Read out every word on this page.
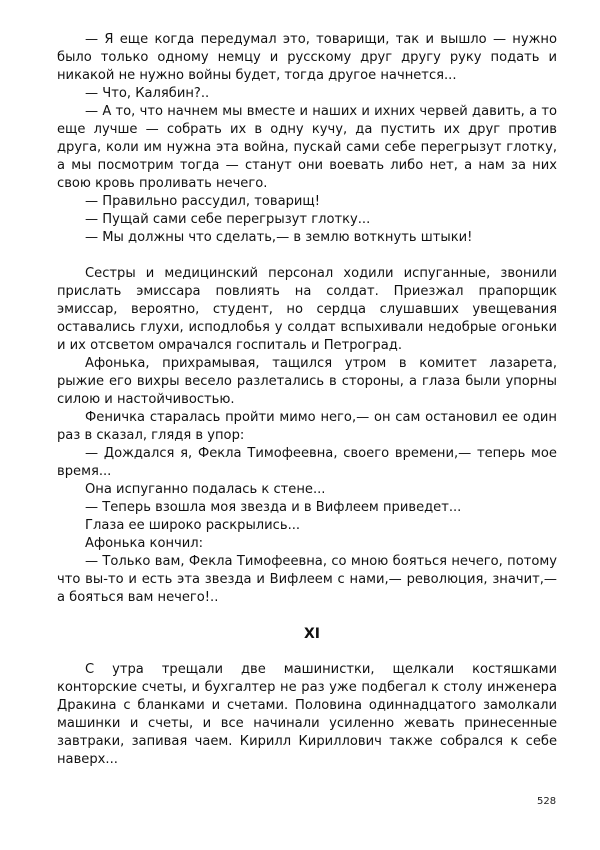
— Я еще когда передумал это, товарищи, так и вышло — нужно было только одному немцу и русскому друг другу руку подать и никакой не нужно войны будет, тогда другое начнется...

— Что, Калябин?..

— А то, что начнем мы вместе и наших и ихних червей давить, а то еще лучше — собрать их в одну кучу, да пустить их друг против друга, коли им нужна эта война, пускай сами себе перегрызут глотку, а мы посмотрим тогда — станут они воевать либо нет, а нам за них свою кровь проливать нечего.

— Правильно рассудил, товарищ!

— Пущай сами себе перегрызут глотку...

— Мы должны что сделать,— в землю воткнуть штыки!

Сестры и медицинский персонал ходили испуганные, звонили прислать эмиссара повлиять на солдат. Приезжал прапорщик эмиссар, вероятно, студент, но сердца слушавших увещевания оставались глухи, исподлобья у солдат вспыхивали недобрые огоньки и их отсветом омрачался госпиталь и Петроград.

Афонька, прихрамывая, тащился утром в комитет лазарета, рыжие его вихры весело разлетались в стороны, а глаза были упорны силою и настойчивостью.

Феничка старалась пройти мимо него,— он сам остановил ее один раз в сказал, глядя в упор:

— Дождался я, Фекла Тимофеевна, своего времени,— теперь мое время...

Она испуганно подалась к стене...

— Теперь взошла моя звезда и в Вифлеем приведет...

Глаза ее широко раскрылись...

Афонька кончил:

— Только вам, Фекла Тимофеевна, со мною бояться нечего, потому что вы-то и есть эта звезда и Вифлеем с нами,— революция, значит,— а бояться вам нечего!..

XI

С утра трещали две машинистки, щелкали костяшками конторские счеты, и бухгалтер не раз уже подбегал к столу инженера Дракина с бланками и счетами. Половина одиннадцатого замолкали машинки и счеты, и все начинали усиленно жевать принесенные завтраки, запивая чаем. Кирилл Кириллович также собрался к себе наверх...

528
